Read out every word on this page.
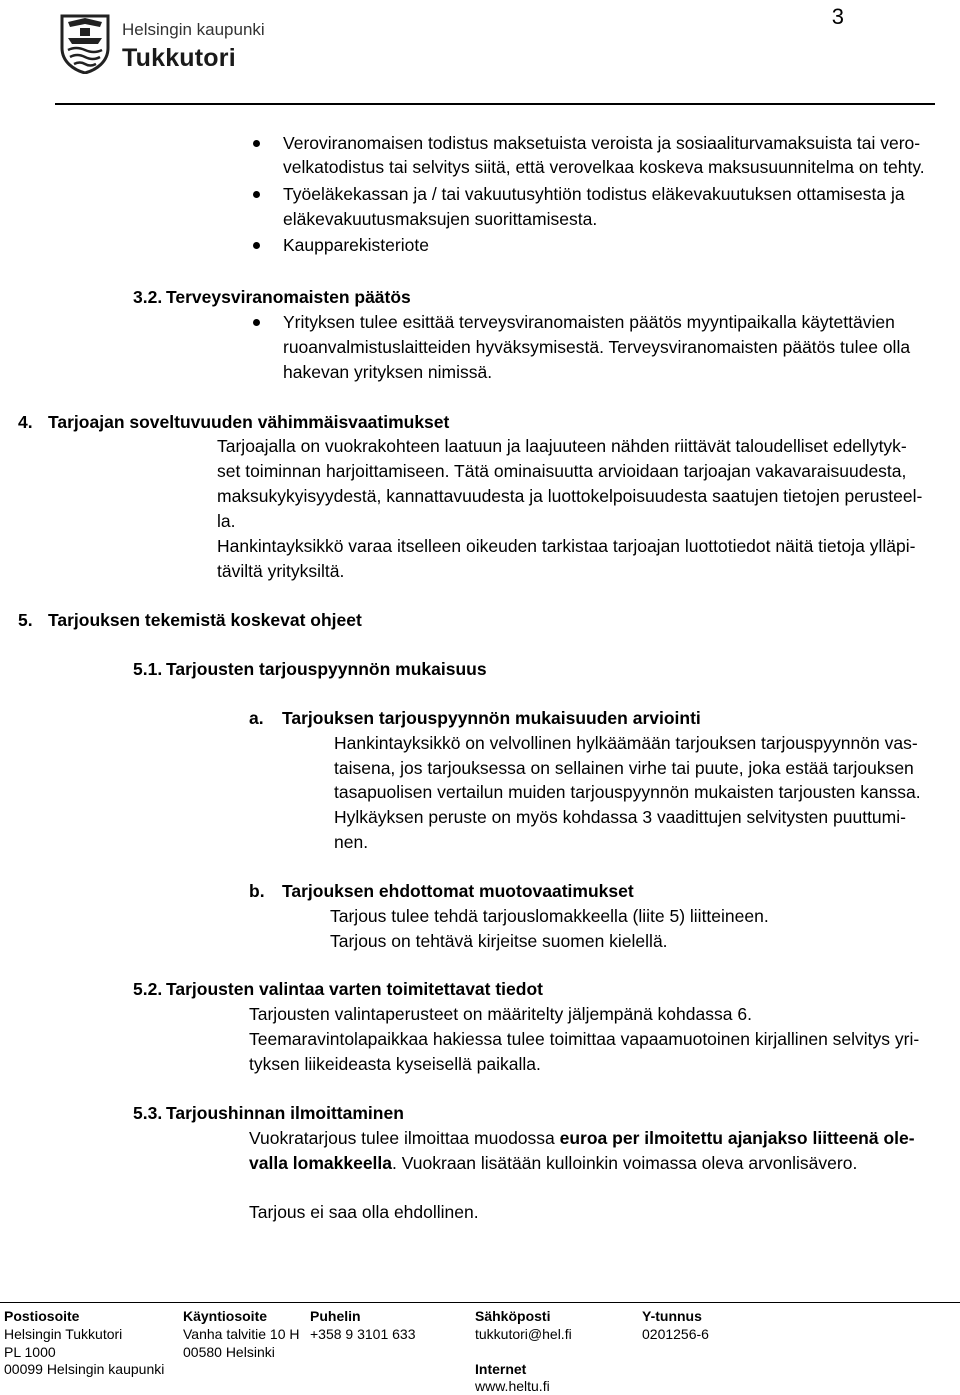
Helsingin kaupunki
Tukkutori
3
Veroviranomaisen todistus maksetuista veroista ja sosiaaliturvamaksuista tai vero-
velkatodistus tai selvitys siitä, että verovelkaa koskeva maksusuunnitelma on tehty.
Työeläkekassan ja / tai vakuutusyhtiön todistus eläkevakuutuksen ottamisesta ja
eläkevakuutusmaksujen suorittamisesta.
Kaupparekisteriote
3.2. Terveysviranomaisten päätös
Yrityksen tulee esittää terveysviranomaisten päätös myyntipaikalla käytettävien
ruoanvalmistuslaitteiden hyväksymisestä. Terveysviranomaisten päätös tulee olla
hakevan yrityksen nimissä.
4. Tarjoajan soveltuvuuden vähimmäisvaatimukset
Tarjoajalla on vuokrakohteen laatuun ja laajuuteen nähden riittävät taloudelliset edellytyk-
set toiminnan harjoittamiseen. Tätä ominaisuutta arvioidaan tarjoajan vakavaraisuudesta,
maksukykyisyydestä, kannattavuudesta ja luottokelpoisuudesta saatujen tietojen perusteel-
la.
Hankintayksikkö varaa itselleen oikeuden tarkistaa tarjoajan luottotiedot näitä tietoja ylläpi-
täviltä yrityksiltä.
5. Tarjouksen tekemistä koskevat ohjeet
5.1. Tarjousten tarjouspyynnön mukaisuus
a. Tarjouksen tarjouspyynnön mukaisuuden arviointi
Hankintayksikkö on velvollinen hylkäämään tarjouksen tarjouspyynnön vas-
taisena, jos tarjouksessa on sellainen virhe tai puute, joka estää tarjouksen
tasapuolisen vertailun muiden tarjouspyynnön mukaisten tarjousten kanssa.
Hylkäyksen peruste on myös kohdassa 3 vaadittujen selvitysten puuttumi-
nen.
b. Tarjouksen ehdottomat muotovaatimukset
Tarjous tulee tehdä tarjouslomakkeella (liite 5) liitteineen.
Tarjous on tehtävä kirjeitse suomen kielellä.
5.2. Tarjousten valintaa varten toimitettavat tiedot
Tarjousten valintaperusteet on määritelty jäljempänä kohdassa 6.
Teemaravintolapaikkaa hakiessa tulee toimittaa vapaamuotoinen kirjallinen selvitys yri-
tyksen liikeideasta kyseisellä paikalla.
5.3. Tarjoushinnan ilmoittaminen
Vuokratarjous tulee ilmoittaa muodossa euroa per ilmoitettu ajanjakso liitteenä ole-
valla lomakkeella. Vuokraan lisätään kulloinkin voimassa oleva arvonlisävero.
Tarjous ei saa olla ehdollinen.
Postiosoite
Helsingin Tukkutori
PL 1000
00099 Helsingin kaupunki
Käyntiosoite
Vanha talvitie 10 H
00580 Helsinki
Puhelin
+358 9 3101 633
Sähköposti
tukkutori@hel.fi
Internet
www.heltu.fi
Y-tunnus
0201256-6
